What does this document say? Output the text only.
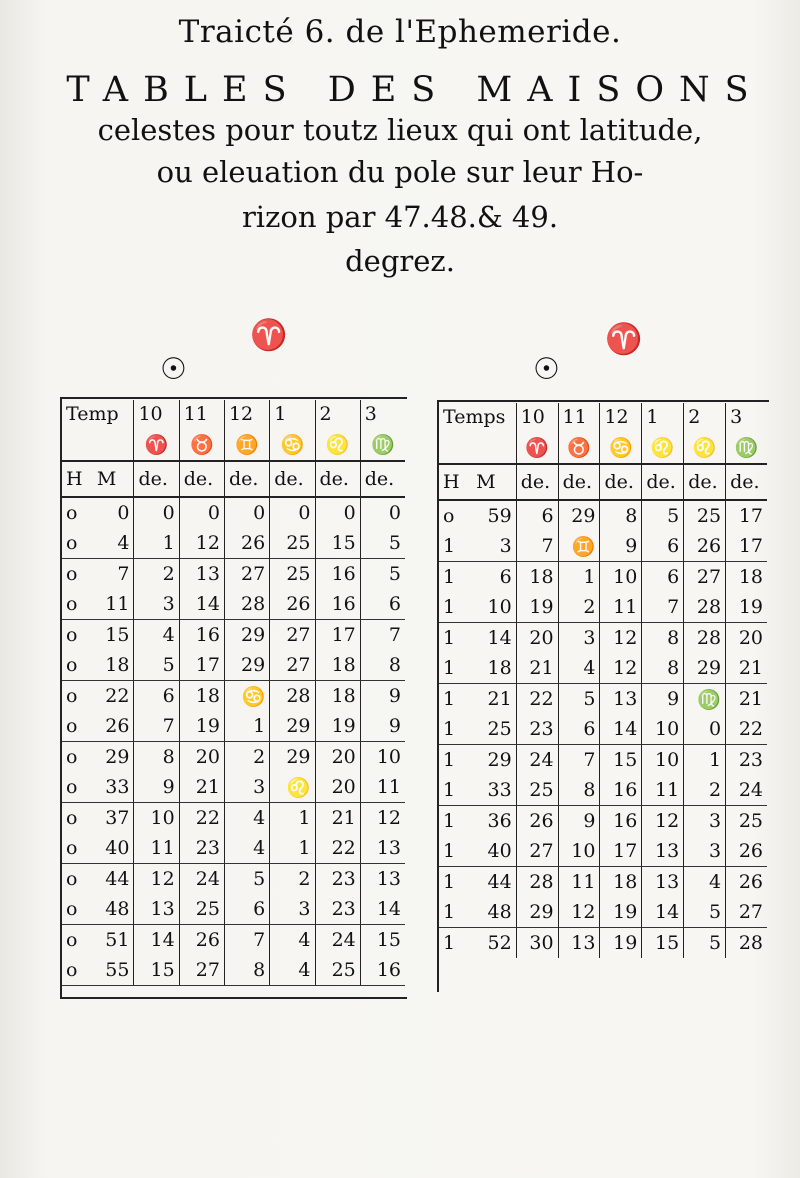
Traicté 6. de l'Ephemeride.
TABLES DES MAISONS
celestes pour toutz lieux qui ont latitude,
ou eleuation du pole sur leur Ho-
rizon par 47.48.& 49.
degrez.
♈
☉
♈
☉
Temp		10	11	12	1	2	3
		♈	♉	♊	♋	♌	♍
H	M	de.	de.	de.	de.	de.	de.
o	0	0	0	0	0	0	0
o	4	1	12	26	25	15	5
o	7	2	13	27	25	16	5
o	11	3	14	28	26	16	6
o	15	4	16	29	27	17	7
o	18	5	17	29	27	18	8
o	22	6	18	♋	28	18	9
o	26	7	19	1	29	19	9
o	29	8	20	2	29	20	10
o	33	9	21	3	♌	20	11
o	37	10	22	4	1	21	12
o	40	11	23	4	1	22	13
o	44	12	24	5	2	23	13
o	48	13	25	6	3	23	14
o	51	14	26	7	4	24	15
o	55	15	27	8	4	25	16
Temps		10	11	12	1	2	3
		♈	♉	♋	♌	♌	♍
H	M	de.	de.	de.	de.	de.	de.
o	59	6	29	8	5	25	17
1	3	7	♊	9	6	26	17
1	6	18	1	10	6	27	18
1	10	19	2	11	7	28	19
1	14	20	3	12	8	28	20
1	18	21	4	12	8	29	21
1	21	22	5	13	9	♍	21
1	25	23	6	14	10	0	22
1	29	24	7	15	10	1	23
1	33	25	8	16	11	2	24
1	36	26	9	16	12	3	25
1	40	27	10	17	13	3	26
1	44	28	11	18	13	4	26
1	48	29	12	19	14	5	27
1	52	30	13	19	15	5	28
